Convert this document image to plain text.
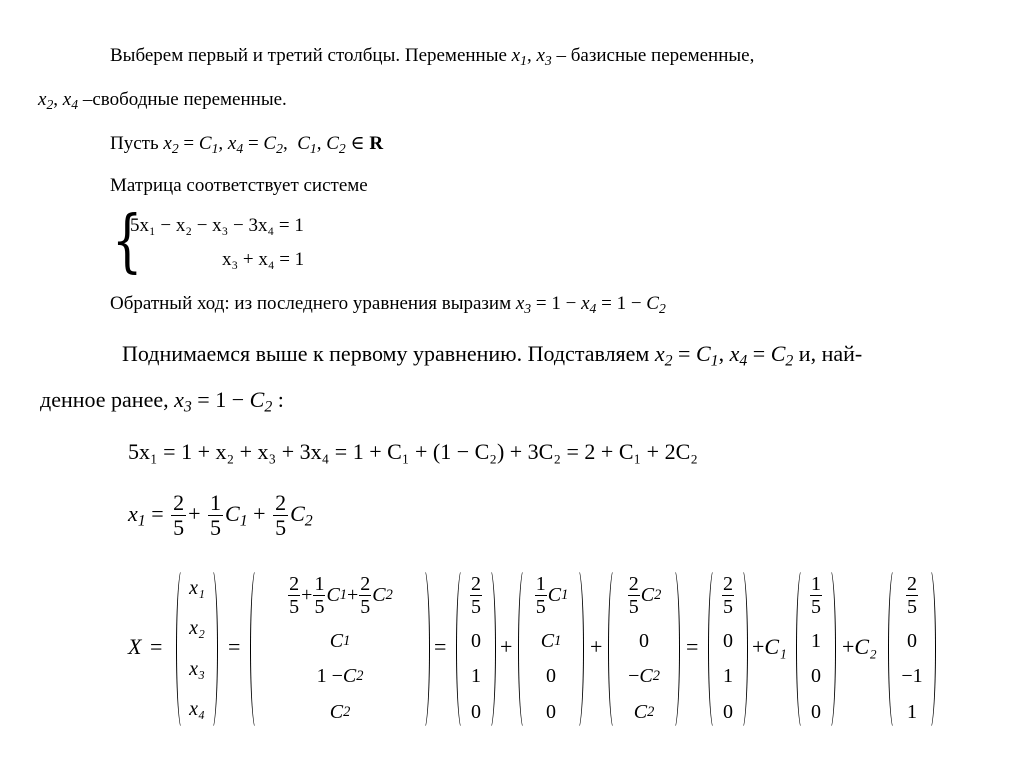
Выберем первый и третий столбцы. Переменные $x_1$, $x_3$ – базисные переменные,
$x_2$, $x_4$ –свободные переменные.
Пусть $x_2 = C_1$, $x_4 = C_2$,  $C_1$, $C_2$ ∈ R
Матрица соответствует системе
{
5x₁ − x₂ − x₃ − 3x₄ = 1
x₃ + x₄ = 1
Обратный ход: из последнего уравнения выразим $x_3 = 1 - x_4 = 1 - C_2$
Поднимаемся выше к первому уравнению. Подставляем $x_2 = C_1$, $x_4 = C_2$ и, най-
денное ранее, $x_3 = 1 - C_2$ :
5x₁ = 1 + x₂ + x₃ + 3x₄ = 1 + C₁ + (1 − C₂) + 3C₂ = 2 + C₁ + 2C₂
$x_1 = \frac{2}{5} + \frac{1}{5} C_1 + \frac{2}{5} C_2$
X =
x₁
x₂
x₃
x₄
=
2
5
+ 1
5
C 1 + 2
5
C 2
C 1
1 − C 2
C 2
=
2
5
0
1
0
+
1
5
C 1
C 1
0
0
+
2
5
C 2
0
− C 2
C 2
=
2
5
0
1
0
+C₁
1
5
1
0
0
+C₂
2
5
0
−1
1
